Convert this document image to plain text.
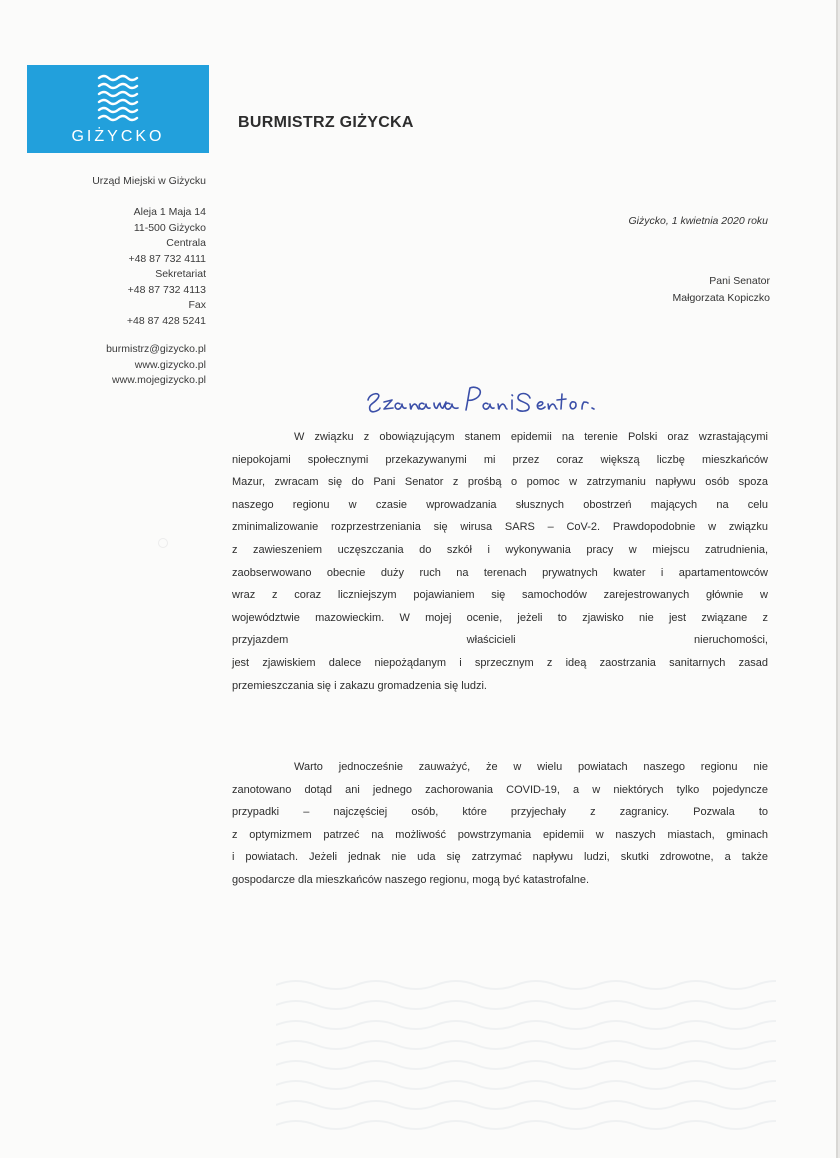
GIŻYCKO
BURMISTRZ GIŻYCKA
Urząd Miejski w Giżycku
Aleja 1 Maja 14
11-500 Giżycko
Centrala
+48 87 732 4111
Sekretariat
+48 87 732 4113
Fax
+48 87 428 5241
burmistrz@gizycko.pl
www.gizycko.pl
www.mojegizycko.pl
Giżycko, 1 kwietnia 2020 roku
Pani Senator
Małgorzata Kopiczko
W związku z obowiązującym stanem epidemii na terenie Polski oraz wzrastającymi
niepokojami społecznymi przekazywanymi mi przez coraz większą liczbę mieszkańców
Mazur, zwracam się do Pani Senator z prośbą o pomoc w zatrzymaniu napływu osób spoza
naszego regionu w czasie wprowadzania słusznych obostrzeń mających na celu
zminimalizowanie rozprzestrzeniania się wirusa SARS – CoV-2. Prawdopodobnie w związku
z zawieszeniem uczęszczania do szkół i wykonywania pracy w miejscu zatrudnienia,
zaobserwowano obecnie duży ruch na terenach prywatnych kwater i apartamentowców
wraz z coraz liczniejszym pojawianiem się samochodów zarejestrowanych głównie w
województwie mazowieckim. W mojej ocenie, jeżeli to zjawisko nie jest związane z
przyjazdem właścicieli nieruchomości,
jest zjawiskiem dalece niepożądanym i sprzecznym z ideą zaostrzania sanitarnych zasad
przemieszczania się i zakazu gromadzenia się ludzi.
Warto jednocześnie zauważyć, że w wielu powiatach naszego regionu nie
zanotowano dotąd ani jednego zachorowania COVID-19, a w niektórych tylko pojedyncze
przypadki – najczęściej osób, które przyjechały z zagranicy. Pozwala to
z optymizmem patrzeć na możliwość powstrzymania epidemii w naszych miastach, gminach
i powiatach. Jeżeli jednak nie uda się zatrzymać napływu ludzi, skutki zdrowotne, a także
gospodarcze dla mieszkańców naszego regionu, mogą być katastrofalne.
